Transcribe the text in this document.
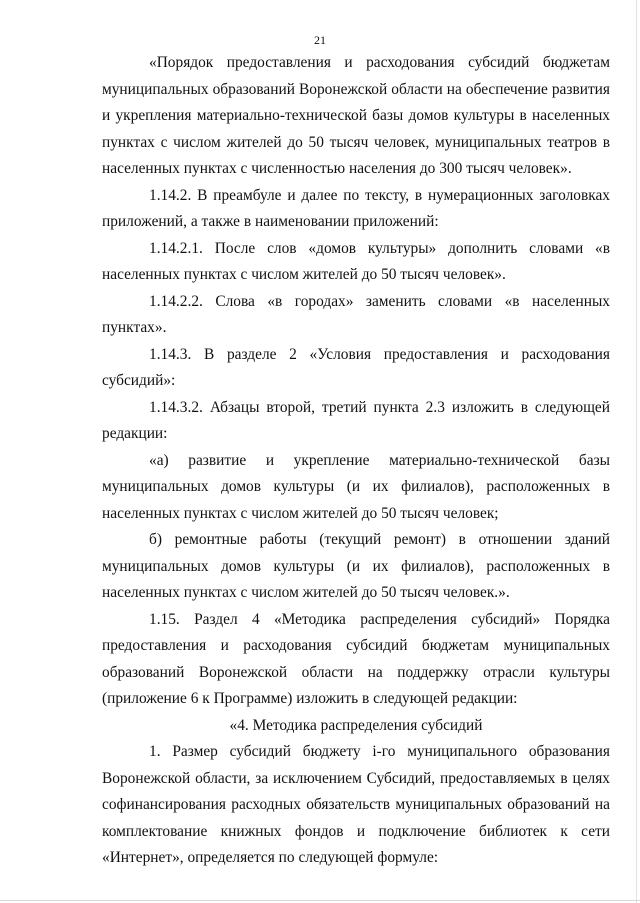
21

«Порядок предоставления и расходования субсидий бюджетам муниципальных образований Воронежской области на обеспечение развития и укрепления материально-технической базы домов культуры в населенных пунктах с числом жителей до 50 тысяч человек, муниципальных театров в населенных пунктах с численностью населения до 300 тысяч человек».

1.14.2. В преамбуле и далее по тексту, в нумерационных заголовках приложений, а также в наименовании приложений:

1.14.2.1. После слов «домов культуры» дополнить словами «в населенных пунктах с числом жителей до 50 тысяч человек».

1.14.2.2. Слова «в городах» заменить словами «в населенных пунктах».

1.14.3. В разделе 2 «Условия предоставления и расходования субсидий»:

1.14.3.2. Абзацы второй, третий пункта 2.3 изложить в следующей редакции:

«а) развитие и укрепление материально-технической базы муниципальных домов культуры (и их филиалов), расположенных в населенных пунктах с числом жителей до 50 тысяч человек;

б) ремонтные работы (текущий ремонт) в отношении зданий муниципальных домов культуры (и их филиалов), расположенных в населенных пунктах с числом жителей до 50 тысяч человек.».

1.15. Раздел 4 «Методика распределения субсидий» Порядка предоставления и расходования субсидий бюджетам муниципальных образований Воронежской области на поддержку отрасли культуры (приложение 6 к Программе) изложить в следующей редакции:

«4. Методика распределения субсидий

1. Размер субсидий бюджету i-го муниципального образования Воронежской области, за исключением Субсидий, предоставляемых в целях софинансирования расходных обязательств муниципальных образований на комплектование книжных фондов и подключение библиотек к сети «Интернет», определяется по следующей формуле:
